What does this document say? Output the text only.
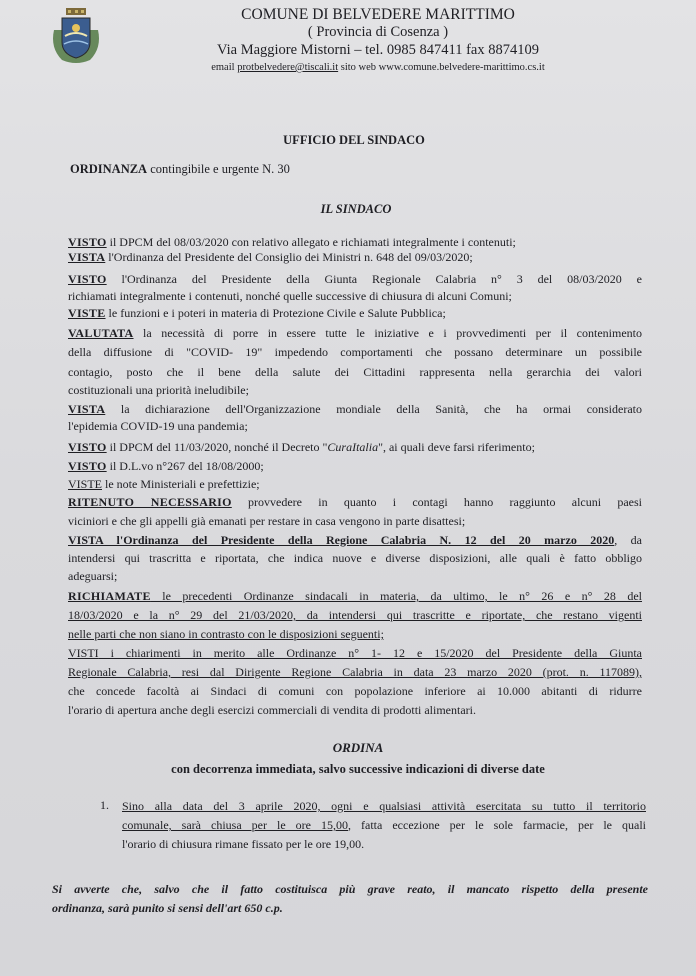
COMUNE DI BELVEDERE MARITTIMO
( Provincia di Cosenza )
Via Maggiore Mistorni – tel. 0985 847411 fax 8874109
email protbelvedere@tiscali.it sito web www.comune.belvedere-marittimo.cs.it
UFFICIO DEL SINDACO
ORDINANZA contingibile e urgente N. 30
IL SINDACO
VISTO il DPCM del 08/03/2020 con relativo allegato e richiamati integralmente i contenuti;
VISTA l'Ordinanza del Presidente del Consiglio dei Ministri n. 648 del 09/03/2020;
VISTO l'Ordinanza del Presidente della Giunta Regionale Calabria n° 3 del 08/03/2020 e
richiamati integralmente i contenuti, nonché quelle successive di chiusura di alcuni Comuni;
VISTE le funzioni e i poteri in materia di Protezione Civile e Salute Pubblica;
VALUTATA la necessità di porre in essere tutte le iniziative e i provvedimenti per il contenimento
della diffusione di "COVID- 19" impedendo comportamenti che possano determinare un possibile
contagio, posto che il bene della salute dei Cittadini rappresenta nella gerarchia dei valori
costituzionali una priorità ineludibile;
VISTA la dichiarazione dell'Organizzazione mondiale della Sanità, che ha ormai considerato
l'epidemia COVID-19 una pandemia;
VISTO il DPCM del 11/03/2020, nonché il Decreto "CuraItalia", ai quali deve farsi riferimento;
VISTO il D.L.vo n°267 del 18/08/2000;
VISTE le note Ministeriali e prefettizie;
RITENUTO NECESSARIO provvedere in quanto i contagi hanno raggiunto alcuni paesi
viciniori e che gli appelli già emanati per restare in casa vengono in parte disattesi;
VISTA l'Ordinanza del Presidente della Regione Calabria N. 12 del 20 marzo 2020, da
intendersi qui trascritta e riportata, che indica nuove e diverse disposizioni, alle quali è fatto obbligo
adeguarsi;
RICHIAMATE le precedenti Ordinanze sindacali in materia, da ultimo, le n° 26 e n° 28 del
18/03/2020 e la n° 29 del 21/03/2020, da intendersi qui trascritte e riportate, che restano vigenti
nelle parti che non siano in contrasto con le disposizioni seguenti;
VISTI i chiarimenti in merito alle Ordinanze n° 1- 12 e 15/2020 del Presidente della Giunta
Regionale Calabria, resi dal Dirigente Regione Calabria in data 23 marzo 2020 (prot. n. 117089),
che concede facoltà ai Sindaci di comuni con popolazione inferiore ai 10.000 abitanti di ridurre
l'orario di apertura anche degli esercizi commerciali di vendita di prodotti alimentari.
ORDINA
con decorrenza immediata, salvo successive indicazioni di diverse date
1. Sino alla data del 3 aprile 2020, ogni e qualsiasi attività esercitata su tutto il territorio
comunale, sarà chiusa per le ore 15,00, fatta eccezione per le sole farmacie, per le quali
l'orario di chiusura rimane fissato per le ore 19,00.
Si avverte che, salvo che il fatto costituisca più grave reato, il mancato rispetto della presente
ordinanza, sarà punito si sensi dell'art 650 c.p.
